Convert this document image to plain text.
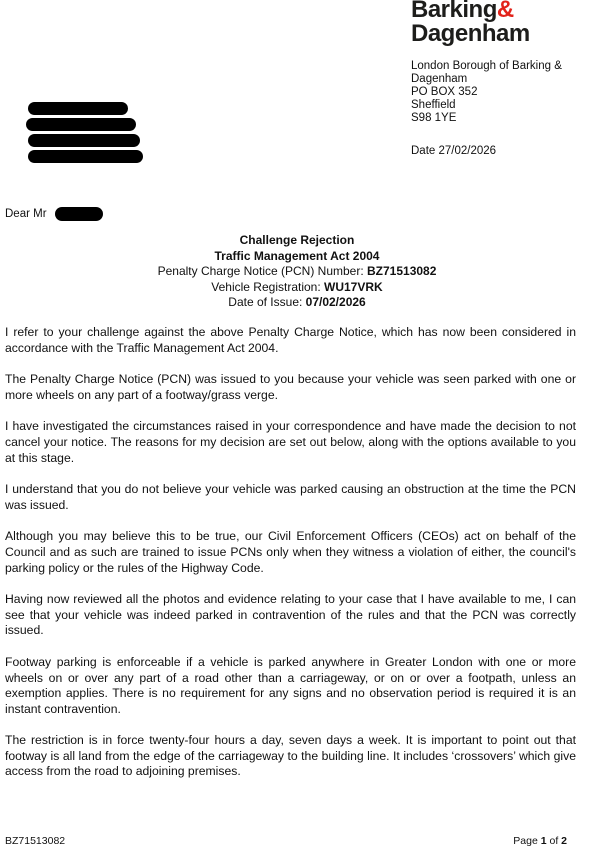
Barking&
Dagenham
London Borough of Barking & Dagenham
PO BOX 352
Sheffield
S98 1YE
Date 27/02/2026
Dear Mr
Challenge Rejection
Traffic Management Act 2004
Penalty Charge Notice (PCN) Number: BZ71513082
Vehicle Registration: WU17VRK
Date of Issue: 07/02/2026

I refer to your challenge against the above Penalty Charge Notice, which has now been considered in accordance with the Traffic Management Act 2004.

The Penalty Charge Notice (PCN) was issued to you because your vehicle was seen parked with one or more wheels on any part of a footway/grass verge.

I have investigated the circumstances raised in your correspondence and have made the decision to not cancel your notice. The reasons for my decision are set out below, along with the options available to you at this stage.

I understand that you do not believe your vehicle was parked causing an obstruction at the time the PCN was issued.

Although you may believe this to be true, our Civil Enforcement Officers (CEOs) act on behalf of the Council and as such are trained to issue PCNs only when they witness a violation of either, the council's parking policy or the rules of the Highway Code.

Having now reviewed all the photos and evidence relating to your case that I have available to me, I can see that your vehicle was indeed parked in contravention of the rules and that the PCN was correctly issued.

Footway parking is enforceable if a vehicle is parked anywhere in Greater London with one or more wheels on or over any part of a road other than a carriageway, or on or over a footpath, unless an exemption applies. There is no requirement for any signs and no observation period is required it is an instant contravention.

The restriction is in force twenty-four hours a day, seven days a week. It is important to point out that footway is all land from the edge of the carriageway to the building line. It includes ‘crossovers’ which give access from the road to adjoining premises.

BZ71513082	Page 1 of 2
